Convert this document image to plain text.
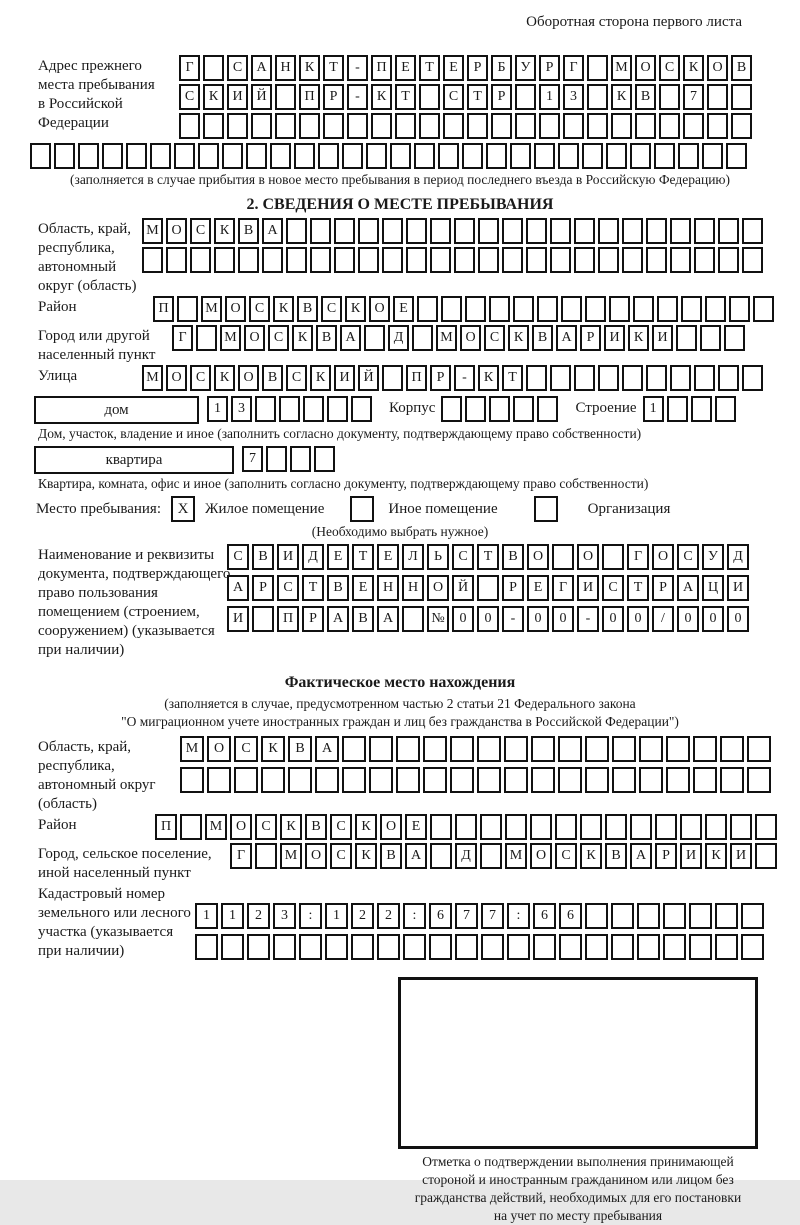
Оборотная сторона первого листа
Адрес прежнего
места пребывания
в Российской
Федерации
Г	С	А Н	К	Т	-	П	Е	Т	Е	Р	Б	У	Р	Г	М О	С	К	О	В
С	К	И Й	П	Р	-	К	Т	С	Т	Р	1	3	К	В	7
(заполняется в случае прибытия в новое место пребывания в период последнего въезда в Российскую Федерацию)
2. СВЕДЕНИЯ О МЕСТЕ ПРЕБЫВАНИЯ
Область, край,
республика,
автономный
округ (область)
М О	С	К	В	А
Район	П	М О	С	К	В	С	К	О	Е
Город или другой
населенный пункт
Г	М О	С	К	В	А	Д	М О	С	К	В	А	Р	И	К	И
Улица	М О	С	К	О	В	С	К	И Й	П	Р	-	К	Т
дом	1	3	Корпус	Строение 1
Дом, участок, владение и иное (заполнить согласно документу, подтверждающему право собственности)
квартира	7
Квартира, комната, офис и иное (заполнить согласно документу, подтверждающему право собственности)
Место пребывания:	X	Жилое помещение	Иное помещение	Организация
(Необходимо выбрать нужное)
Наименование и реквизиты
документа, подтверждающего
право пользования
помещением (строением,
сооружением) (указывается
при наличии)
С	В	И	Д	Е	Т	Е	Л	Ь	С	Т	В	О	О	Г	О	С	У	Д
А	Р	С	Т	В	Е	Н	Н	О	Й	Р	Е	Г	И	С	Т	Р	А	Ц	И
И	П	Р	А	В	А	№	0	0	-	0	0	-	0	0	/	0	0	0
Фактическое место нахождения
(заполняется в случае, предусмотренном частью 2 статьи 21 Федерального закона
"О миграционном учете иностранных граждан и лиц без гражданства в Российской Федерации")
Область, край,
республика,
автономный округ
(область)
М	О	С	К	В	А
Район	П	М О	С	К	В	С	К	О	Е
Город, сельское поселение,
иной населенный пункт
Г	М О	С	К	В	А	Д	М О	С	К	В	А	Р	И	К	И
Кадастровый номер
земельного или лесного
участка (указывается
при наличии)
1	1	2	3	:	1	2	2	:	6	7	7	:	6	6
Отметка о подтверждении выполнения принимающей
стороной и иностранным гражданином или лицом без
гражданства действий, необходимых для его постановки
на учет по месту пребывания
